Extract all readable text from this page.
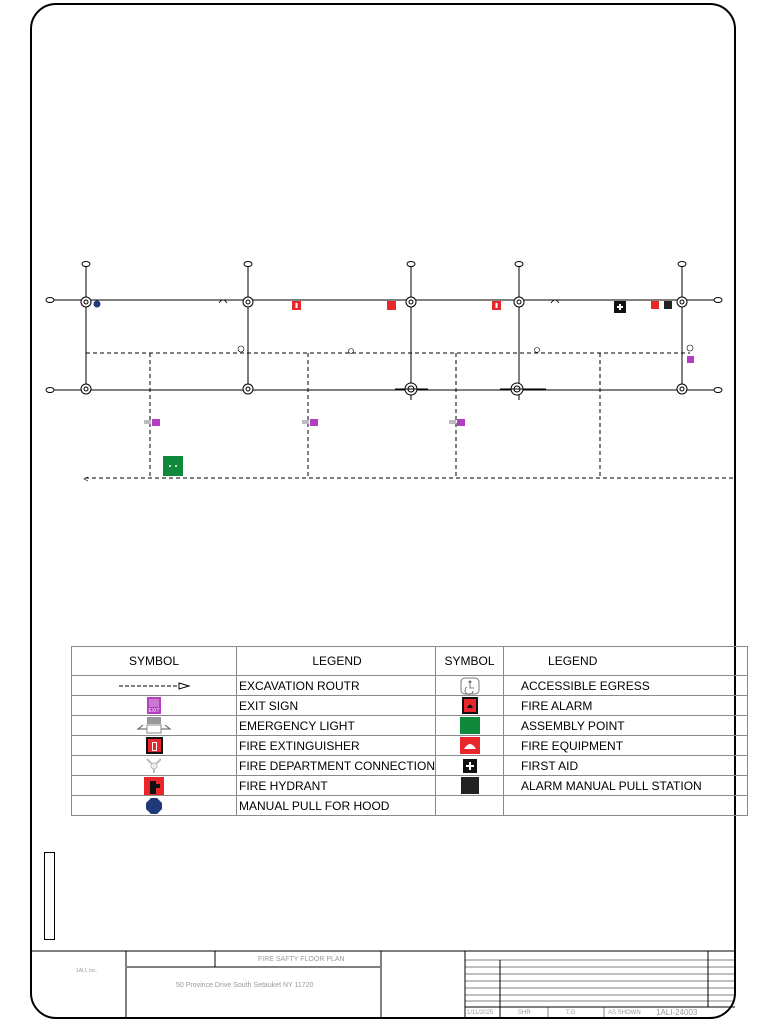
SYMBOL	LEGEND	SYMBOL	LEGEND
	EXCAVATION ROUTR		ACCESSIBLE EGRESS

EXIT	EXIT SIGN		FIRE ALARM
	EMERGENCY LIGHT		ASSEMBLY POINT
	FIRE EXTINGUISHER		FIRE EQUIPMENT
	FIRE DEPARTMENT CONNECTION		FIRST AID
	FIRE HYDRANT		ALARM MANUAL PULL STATION
	MANUAL PULL FOR HOOD		
FIRE SAFTY FLOOR PLAN
50 Province Drive South Setauket NY 11720
1ALI, Inc.
1/11/2025	SHR	T.G	AS SHOWN 1ALI-24003
